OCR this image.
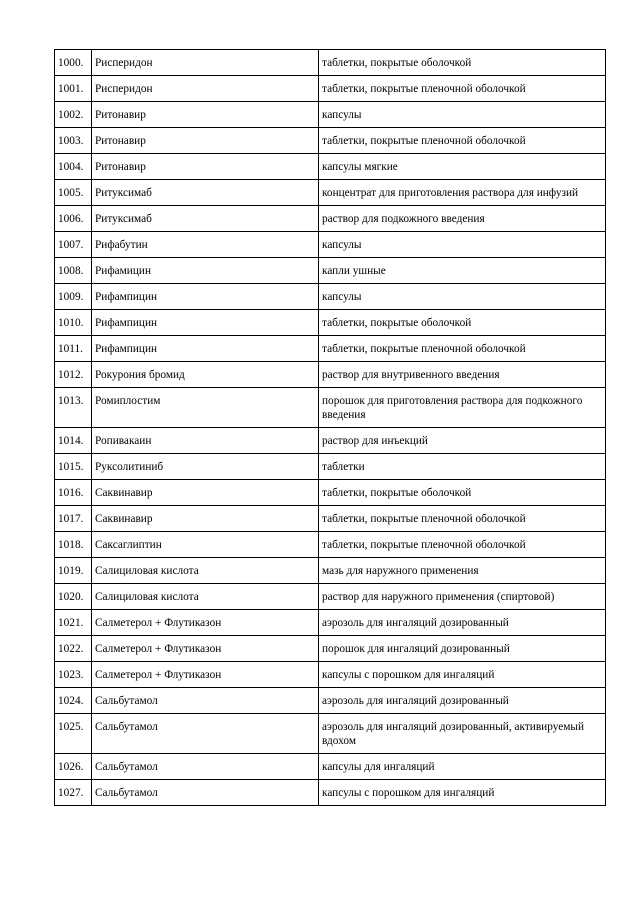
1000.	Рисперидон	таблетки, покрытые оболочкой
1001.	Рисперидон	таблетки, покрытые пленочной оболочкой
1002.	Ритонавир	капсулы
1003.	Ритонавир	таблетки, покрытые пленочной оболочкой
1004.	Ритонавир	капсулы мягкие
1005.	Ритуксимаб	концентрат для приготовления раствора для инфузий
1006.	Ритуксимаб	раствор для подкожного введения
1007.	Рифабутин	капсулы
1008.	Рифамицин	капли ушные
1009.	Рифампицин	капсулы
1010.	Рифампицин	таблетки, покрытые оболочкой
1011.	Рифампицин	таблетки, покрытые пленочной оболочкой
1012.	Рокурония бромид	раствор для внутривенного введения
1013.	Ромиплостим	порошок для приготовления раствора для подкожного введения
1014.	Ропивакаин	раствор для инъекций
1015.	Руксолитиниб	таблетки
1016.	Саквинавир	таблетки, покрытые оболочкой
1017.	Саквинавир	таблетки, покрытые пленочной оболочкой
1018.	Саксаглиптин	таблетки, покрытые пленочной оболочкой
1019.	Салициловая кислота	мазь для наружного применения
1020.	Салициловая кислота	раствор для наружного применения (спиртовой)
1021.	Салметерол + Флутиказон	аэрозоль для ингаляций дозированный
1022.	Салметерол + Флутиказон	порошок для ингаляций дозированный
1023.	Салметерол + Флутиказон	капсулы с порошком для ингаляций
1024.	Сальбутамол	аэрозоль для ингаляций дозированный
1025.	Сальбутамол	аэрозоль для ингаляций дозированный, активируемый вдохом
1026.	Сальбутамол	капсулы для ингаляций
1027.	Сальбутамол	капсулы с порошком для ингаляций
